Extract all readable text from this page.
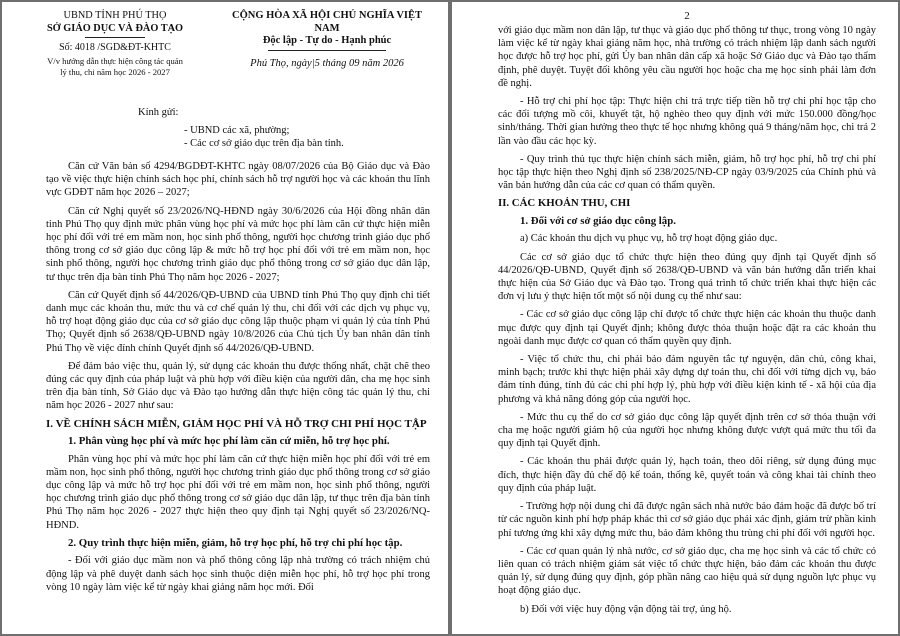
UBND TỈNH PHÚ THỌ
SỞ GIÁO DỤC VÀ ĐÀO TẠO
Số: 4018 /SGD&ĐT-KHTC
V/v hướng dẫn thực hiện công tác quản lý thu, chi năm học 2026 - 2027
CỘNG HÒA XÃ HỘI CHỦ NGHĨA VIỆT NAM
Độc lập - Tự do - Hạnh phúc
Phú Thọ, ngày|5 tháng 09 năm 2026
Kính gửi:
- UBND các xã, phường;
- Các cơ sở giáo dục trên địa bàn tỉnh.

Căn cứ Văn bản số 4294/BGDĐT-KHTC ngày 08/07/2026 của Bộ Giáo dục và Đào tạo về việc thực hiện chính sách học phí, chính sách hỗ trợ người học và các khoản thu lĩnh vực GDĐT năm học 2026 – 2027;

Căn cứ Nghị quyết số 23/2026/NQ-HĐND ngày 30/6/2026 của Hội đồng nhân dân tỉnh Phú Thọ quy định mức phân vùng học phí và mức học phí làm căn cứ thực hiện miễn học phí đối với trẻ em mầm non, học sinh phổ thông, người học chương trình giáo dục phổ thông trong cơ sở giáo dục công lập & mức hỗ trợ học phí đối với trẻ em mầm non, học sinh phổ thông, người học chương trình giáo dục phổ thông trong cơ sở giáo dục dân lập, tư thục trên địa bàn tỉnh Phú Thọ năm học 2026 - 2027;

Căn cứ Quyết định số 44/2026/QĐ-UBND của UBND tỉnh Phú Thọ quy định chi tiết danh mục các khoản thu, mức thu và cơ chế quản lý thu, chi đối với các dịch vụ phục vụ, hỗ trợ hoạt động giáo dục của cơ sở giáo dục công lập thuộc phạm vi quản lý của tỉnh Phú Thọ; Quyết định số 2638/QĐ-UBND ngày 10/8/2026 của Chủ tịch Ủy ban nhân dân tỉnh Phú Thọ về việc đính chính Quyết định số 44/2026/QĐ-UBND.

Để đảm bảo việc thu, quản lý, sử dụng các khoản thu được thống nhất, chặt chẽ theo đúng các quy định của pháp luật và phù hợp với điều kiện của người dân, cha mẹ học sinh trên địa bàn tỉnh, Sở Giáo dục và Đào tạo hướng dẫn thực hiện công tác quản lý thu, chi năm học 2026 - 2027 như sau:

I. VỀ CHÍNH SÁCH MIỄN, GIẢM HỌC PHÍ VÀ HỖ TRỢ CHI PHÍ HỌC TẬP
1. Phân vùng học phí và mức học phí làm căn cứ miễn, hỗ trợ học phí.

Phân vùng học phí và mức học phí làm căn cứ thực hiện miễn học phí đối với trẻ em mầm non, học sinh phổ thông, người học chương trình giáo dục phổ thông trong cơ sở giáo dục công lập và mức hỗ trợ học phí đối với trẻ em mầm non, học sinh phổ thông, người học chương trình giáo dục phổ thông trong cơ sở giáo dục dân lập, tư thục trên địa bàn tỉnh Phú Thọ năm học 2026 - 2027 thực hiện theo quy định tại Nghị quyết số 23/2026/NQ-HĐND.

2. Quy trình thực hiện miễn, giảm, hỗ trợ học phí, hỗ trợ chi phí học tập.

- Đối với giáo dục mầm non và phổ thông công lập nhà trường có trách nhiệm chủ động lập và phê duyệt danh sách học sinh thuộc diện miễn học phí, hỗ trợ học phí trong vòng 10 ngày làm việc kể từ ngày khai giảng năm học mới. Đối

2

với giáo dục mầm non dân lập, tư thục và giáo dục phổ thông tư thục, trong vòng 10 ngày làm việc kể từ ngày khai giảng năm học, nhà trường có trách nhiệm lập danh sách người học được hỗ trợ học phí, gửi Ủy ban nhân dân cấp xã hoặc Sở Giáo dục và Đào tạo thẩm định, phê duyệt. Tuyệt đối không yêu cầu người học hoặc cha mẹ học sinh phải làm đơn đề nghị.

- Hỗ trợ chi phí học tập: Thực hiện chi trả trực tiếp tiền hỗ trợ chi phí học tập cho các đối tượng mồ côi, khuyết tật, hộ nghèo theo quy định với mức 150.000 đồng/học sinh/tháng. Thời gian hưởng theo thực tế học nhưng không quá 9 tháng/năm học, chi trả 2 lần vào đầu các học kỳ.

- Quy trình thủ tục thực hiện chính sách miễn, giảm, hỗ trợ học phí, hỗ trợ chi phí học tập thực hiện theo Nghị định số 238/2025/NĐ-CP ngày 03/9/2025 của Chính phủ và văn bản hướng dẫn của các cơ quan có thẩm quyền.

II. CÁC KHOẢN THU, CHI
1. Đối với cơ sở giáo dục công lập.

a) Các khoản thu dịch vụ phục vụ, hỗ trợ hoạt động giáo dục.

Các cơ sở giáo dục tổ chức thực hiện theo đúng quy định tại Quyết định số 44/2026/QĐ-UBND, Quyết định số 2638/QĐ-UBND và văn bản hướng dẫn triển khai thực hiện của Sở Giáo dục và Đào tạo. Trong quá trình tổ chức triển khai thực hiện các đơn vị lưu ý thực hiện tốt một số nội dung cụ thể như sau:

- Các cơ sở giáo dục công lập chỉ được tổ chức thực hiện các khoản thu thuộc danh mục được quy định tại Quyết định; không được thỏa thuận hoặc đặt ra các khoản thu ngoài danh mục được cơ quan có thẩm quyền quy định.

- Việc tổ chức thu, chi phải bảo đảm nguyên tắc tự nguyện, dân chủ, công khai, minh bạch; trước khi thực hiện phải xây dựng dự toán thu, chi đối với từng dịch vụ, bảo đảm tính đúng, tính đủ các chi phí hợp lý, phù hợp với điều kiện kinh tế - xã hội của địa phương và khả năng đóng góp của người học.

- Mức thu cụ thể do cơ sở giáo dục công lập quyết định trên cơ sở thỏa thuận với cha mẹ hoặc người giám hộ của người học nhưng không được vượt quá mức thu tối đa quy định tại Quyết định.

- Các khoản thu phải được quản lý, hạch toán, theo dõi riêng, sử dụng đúng mục đích, thực hiện đầy đủ chế độ kế toán, thống kê, quyết toán và công khai tài chính theo quy định của pháp luật.

- Trường hợp nội dung chi đã được ngân sách nhà nước bảo đảm hoặc đã được bố trí từ các nguồn kinh phí hợp pháp khác thì cơ sở giáo dục phải xác định, giảm trừ phần kinh phí tương ứng khi xây dựng mức thu, bảo đảm không thu trùng chi phí đối với người học.

- Các cơ quan quản lý nhà nước, cơ sở giáo dục, cha mẹ học sinh và các tổ chức có liên quan có trách nhiệm giám sát việc tổ chức thực hiện, bảo đảm các khoản thu được quản lý, sử dụng đúng quy định, góp phần nâng cao hiệu quả sử dụng nguồn lực phục vụ hoạt động giáo dục.

b) Đối với việc huy động vận động tài trợ, ủng hộ.
